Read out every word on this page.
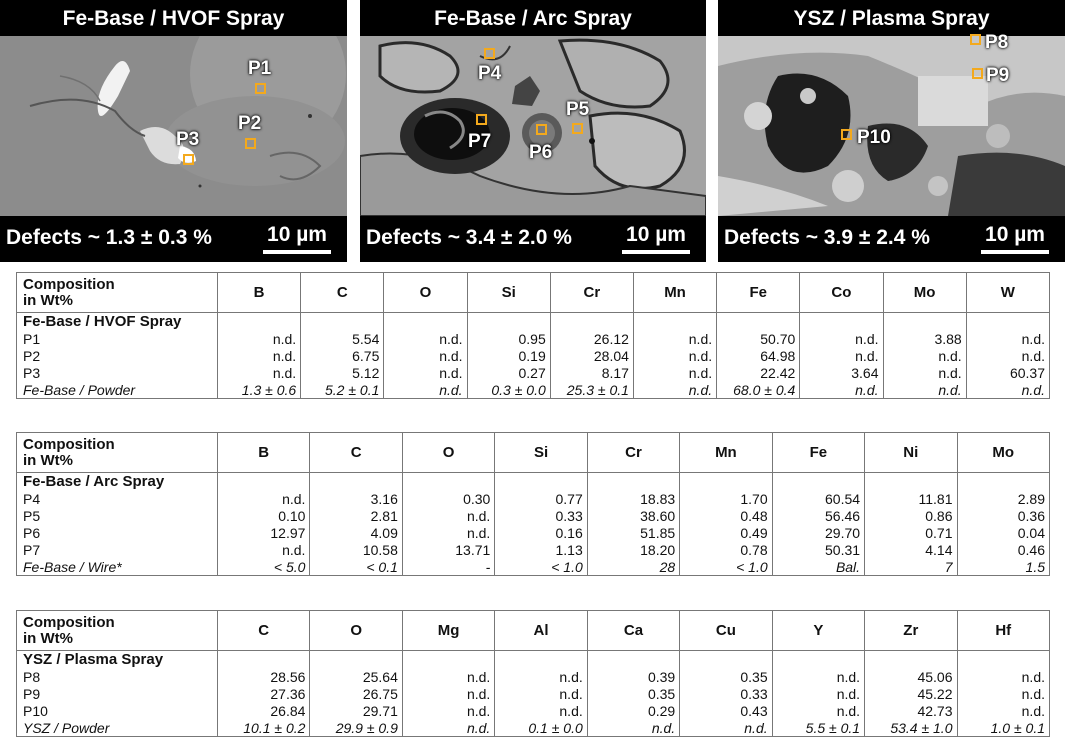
Fe-Base / HVOF Spray
P1
P2
P3
Defects ~ 1.3 ± 0.3 %	10 µm
Fe-Base / Arc Spray
P4
P5
P6
P7
Defects ~ 3.4 ± 2.0 %	10 µm
YSZ / Plasma Spray
P8
P9
P10
Defects ~ 3.9 ± 2.4 %	10 µm
Composition
in Wt%	B	C	O	Si	Cr	Mn	Fe	Co	Mo	W
Fe-Base / HVOF Spray										
P1	n.d.	5.54	n.d.	0.95	26.12	n.d.	50.70	n.d.	3.88	n.d.
P2	n.d.	6.75	n.d.	0.19	28.04	n.d.	64.98	n.d.	n.d.	n.d.
P3	n.d.	5.12	n.d.	0.27	8.17	n.d.	22.42	3.64	n.d.	60.37
Fe-Base / Powder	1.3 ± 0.6	5.2 ± 0.1	n.d.	0.3 ± 0.0	25.3 ± 0.1	n.d.	68.0 ± 0.4	n.d.	n.d.	n.d.
Composition
in Wt%	B	C	O	Si	Cr	Mn	Fe	Ni	Mo
Fe-Base / Arc Spray									
P4	n.d.	3.16	0.30	0.77	18.83	1.70	60.54	11.81	2.89
P5	0.10	2.81	n.d.	0.33	38.60	0.48	56.46	0.86	0.36
P6	12.97	4.09	n.d.	0.16	51.85	0.49	29.70	0.71	0.04
P7	n.d.	10.58	13.71	1.13	18.20	0.78	50.31	4.14	0.46
Fe-Base / Wire*	< 5.0	< 0.1	-	< 1.0	28	< 1.0	Bal.	7	1.5
Composition
in Wt%	C	O	Mg	Al	Ca	Cu	Y	Zr	Hf
YSZ / Plasma Spray									
P8	28.56	25.64	n.d.	n.d.	0.39	0.35	n.d.	45.06	n.d.
P9	27.36	26.75	n.d.	n.d.	0.35	0.33	n.d.	45.22	n.d.
P10	26.84	29.71	n.d.	n.d.	0.29	0.43	n.d.	42.73	n.d.
YSZ / Powder	10.1 ± 0.2	29.9 ± 0.9	n.d.	0.1 ± 0.0	n.d.	n.d.	5.5 ± 0.1	53.4 ± 1.0	1.0 ± 0.1
